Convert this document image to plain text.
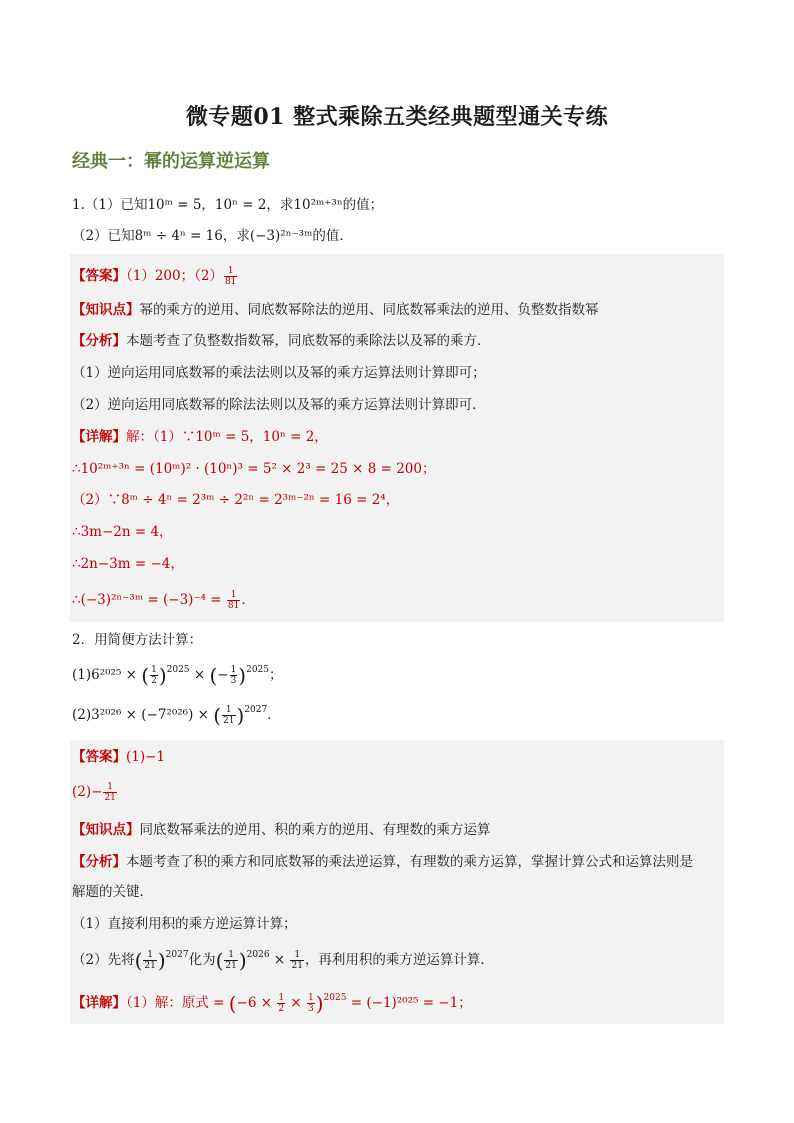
微专题01 整式乘除五类经典题型通关专练
经典一：幂的运算逆运算
1.（1）已知10ᵐ = 5，10ⁿ = 2，求10²ᵐ⁺³ⁿ的值；
（2）已知8ᵐ ÷ 4ⁿ = 16，求(−3)²ⁿ⁻³ᵐ的值．
【答案】（1）200；$(2) \frac{1}{81}$
【知识点】幂的乘方的逆用、同底数幂除法的逆用、同底数幂乘法的逆用、负整数指数幂
【分析】本题考查了负整数指数幂，同底数幂的乘除法以及幂的乘方．
（1）逆向运用同底数幂的乘法法则以及幂的乘方运算法则计算即可；
（2）逆向运用同底数幂的除法法则以及幂的乘方运算法则计算即可．
【详解】解：（1）∵10ᵐ = 5，10ⁿ = 2，
∴10²ᵐ⁺³ⁿ = (10ᵐ)² · (10ⁿ)³ = 5² × 2³ = 25 × 8 = 200；
（2）∵8ᵐ ÷ 4ⁿ = 2³ᵐ ÷ 2²ⁿ = 2³ᵐ⁻²ⁿ = 16 = 2⁴，
∴3m−2n = 4，
∴2n−3m = −4，
∴(−3)²ⁿ⁻³ᵐ = $(-3)^{-4} = \frac{1}{81}$ ．
2．用简便方法计算：
(1)6²⁰²⁵ × ( $\frac{1}{2} )^{2025}$ × (− $\frac{1}{3} )^{2025}$；
(2)3²⁰²⁶ × (−7²⁰²⁶) × ( $\frac{1}{21} )^{2027}$．
【答案】(1)−1
$(2)- \frac{1}{21}$
【知识点】同底数幂乘法的逆用、积的乘方的逆用、有理数的乘方运算
【分析】本题考查了积的乘方和同底数幂的乘法逆运算，有理数的乘方运算，掌握计算公式和运算法则是
解题的关键．
（1）直接利用积的乘方逆运算计算；
（2）先将( $\frac{1}{21} )^{2027}$化为( $\frac{1}{21} )^{2026} \times \frac{1}{21}$ ，再利用积的乘方逆运算计算．
【详解】（1）解：原式 = $(-6 \times \frac{1}{2} \times \frac{1}{3} )^{2025} = (-1)^{2025} = -1$；
